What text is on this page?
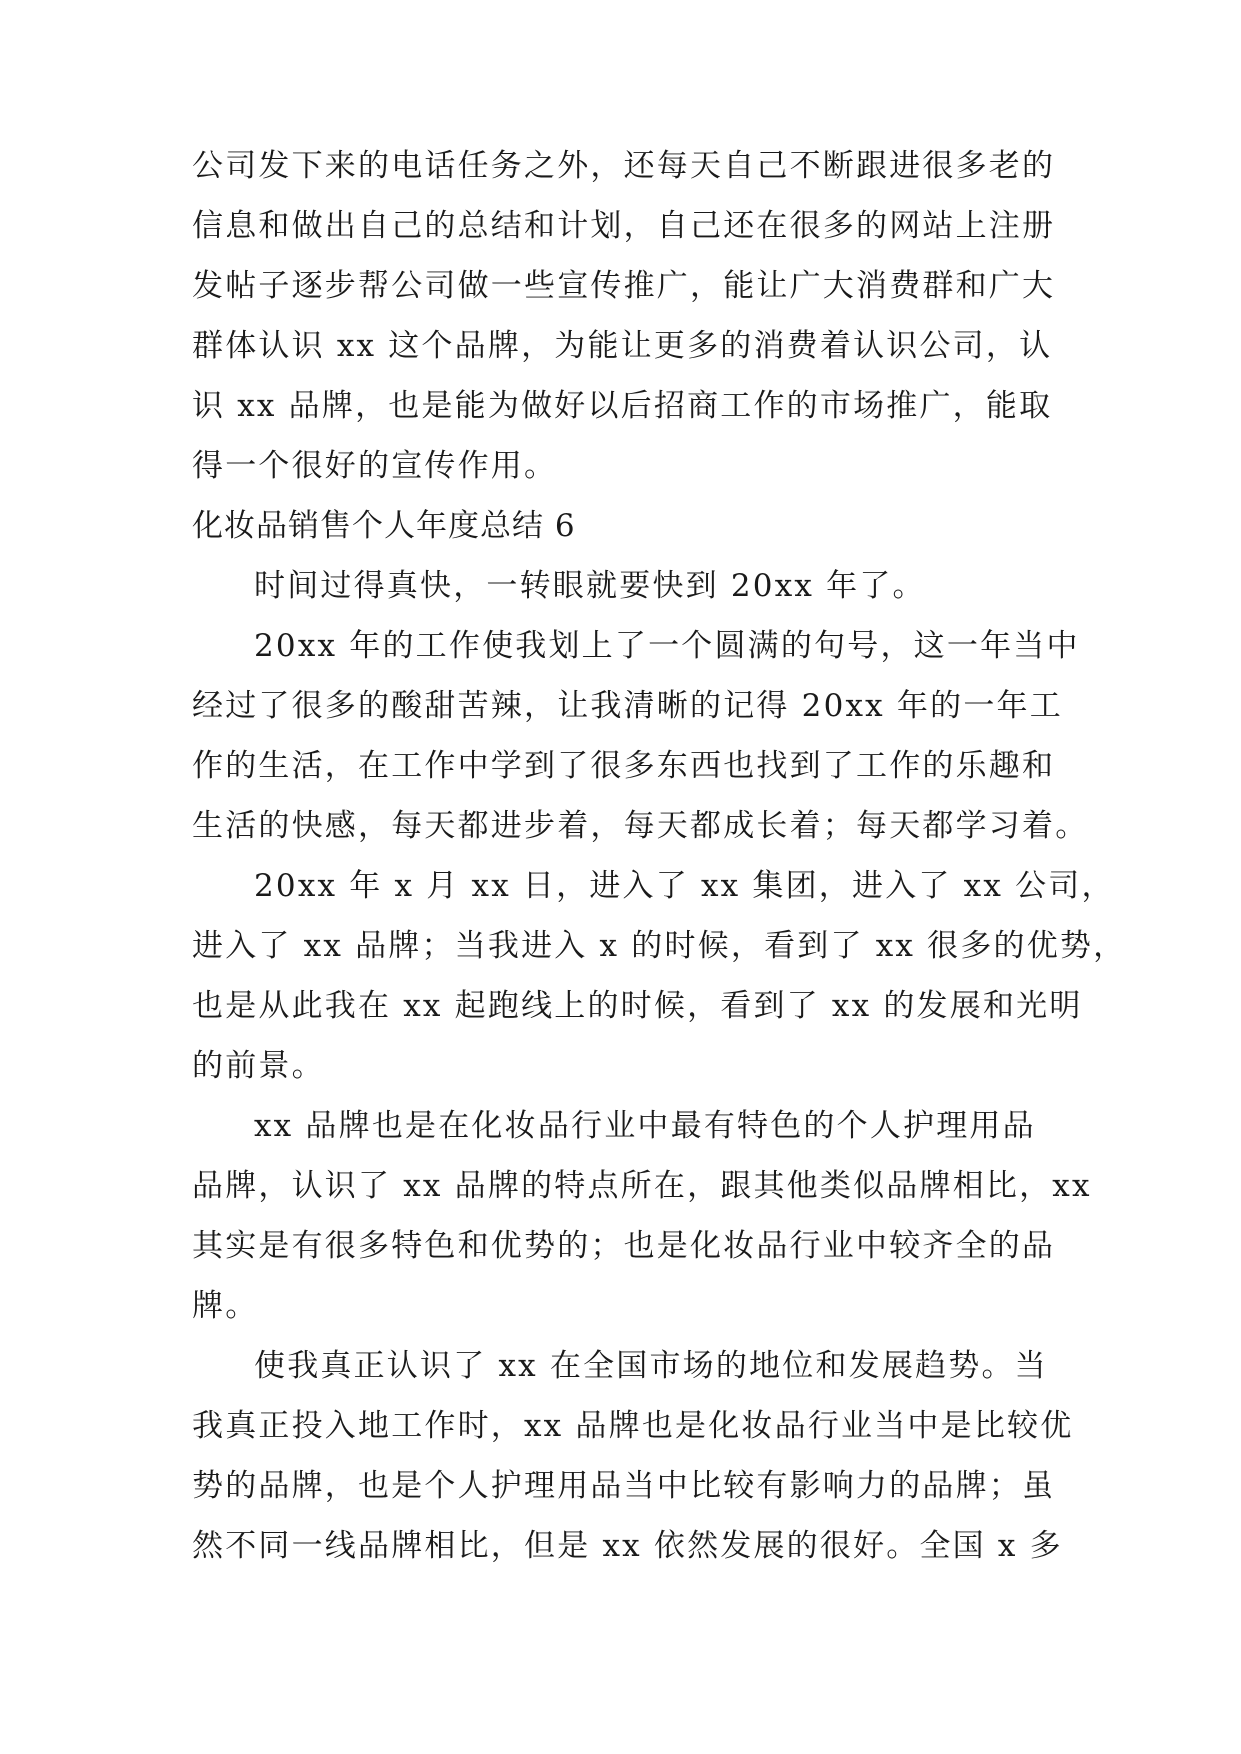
公司发下来的电话任务之外，还每天自己不断跟进很多老的
信息和做出自己的总结和计划，自己还在很多的网站上注册
发帖子逐步帮公司做一些宣传推广，能让广大消费群和广大
群体认识 xx 这个品牌，为能让更多的消费着认识公司，认
识 xx 品牌，也是能为做好以后招商工作的市场推广，能取
得一个很好的宣传作用。
化妆品销售个人年度总结 6
时间过得真快，一转眼就要快到 20xx 年了。
20xx 年的工作使我划上了一个圆满的句号，这一年当中
经过了很多的酸甜苦辣，让我清晰的记得 20xx 年的一年工
作的生活，在工作中学到了很多东西也找到了工作的乐趣和
生活的快感，每天都进步着，每天都成长着；每天都学习着。
20xx 年 x 月 xx 日，进入了 xx 集团，进入了 xx 公司，
进入了 xx 品牌；当我进入 x 的时候，看到了 xx 很多的优势，
也是从此我在 xx 起跑线上的时候，看到了 xx 的发展和光明
的前景。
xx 品牌也是在化妆品行业中最有特色的个人护理用品
品牌，认识了 xx 品牌的特点所在，跟其他类似品牌相比，xx
其实是有很多特色和优势的；也是化妆品行业中较齐全的品
牌。
使我真正认识了 xx 在全国市场的地位和发展趋势。当
我真正投入地工作时，xx 品牌也是化妆品行业当中是比较优
势的品牌，也是个人护理用品当中比较有影响力的品牌；虽
然不同一线品牌相比，但是 xx 依然发展的很好。全国 x 多
